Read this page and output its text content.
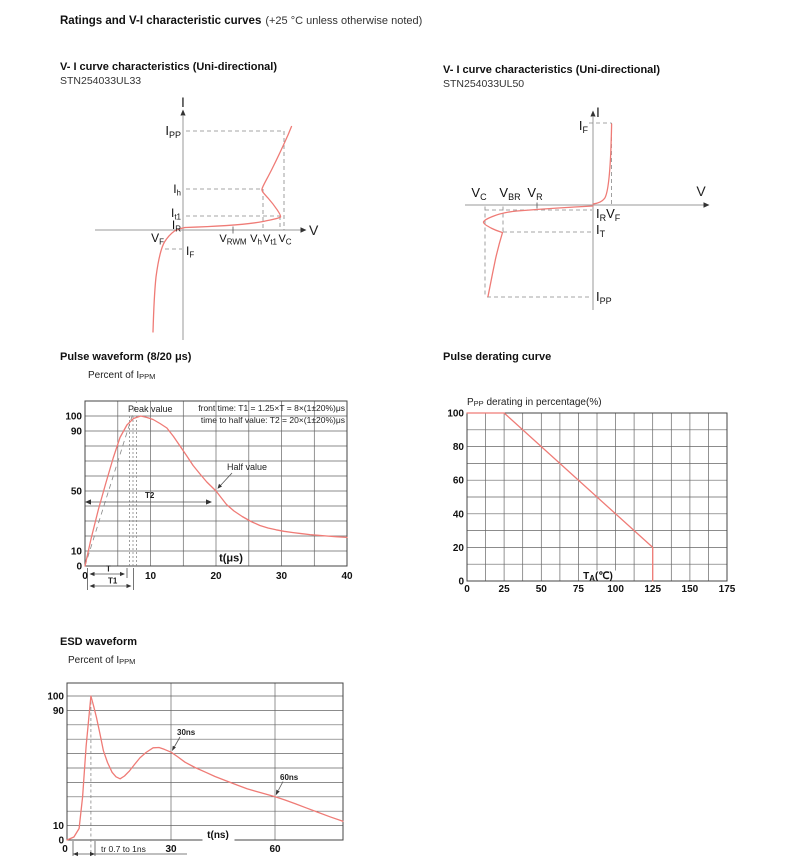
Ratings and V-I characteristic curves (+25 °C unless otherwise noted)
V- I curve characteristics (Uni-directional)
STN254033UL33
V- I curve characteristics (Uni-directional)
STN254033UL50
I
V
$I_{PP}$
$I_h$
$I_{t1}$
$I_R$
$V_F$
$I_F$
$V_{RWM}$ $V_h$ $V_{t1}$ $V_C$
I
V
$I_F$
$V_C$ $V_{BR}$ $V_R$
$I_RV_F$
$I_T$
$I_{PP}$
Pulse waveform (8/20 μs)
Percent of IPPM
100
90
50
10
0
0	10	20	30	40
Peak value	front time: T1 = 1.25×T = 8×(1±20%)μs
time to half value: T2 = 20×(1±20%)μs
Half value
T2
T
T1
t(μs)
Pulse derating curve
PPP derating in percentage(%)
100
80
60
40
20
0
0	25	50	75 100 125 150 175
$T_A(℃)$
ESD waveform
Percent of IPPM
100
90
10
0
0	30	60
30ns
60ns
tr 0.7 to 1ns
t(ns)
